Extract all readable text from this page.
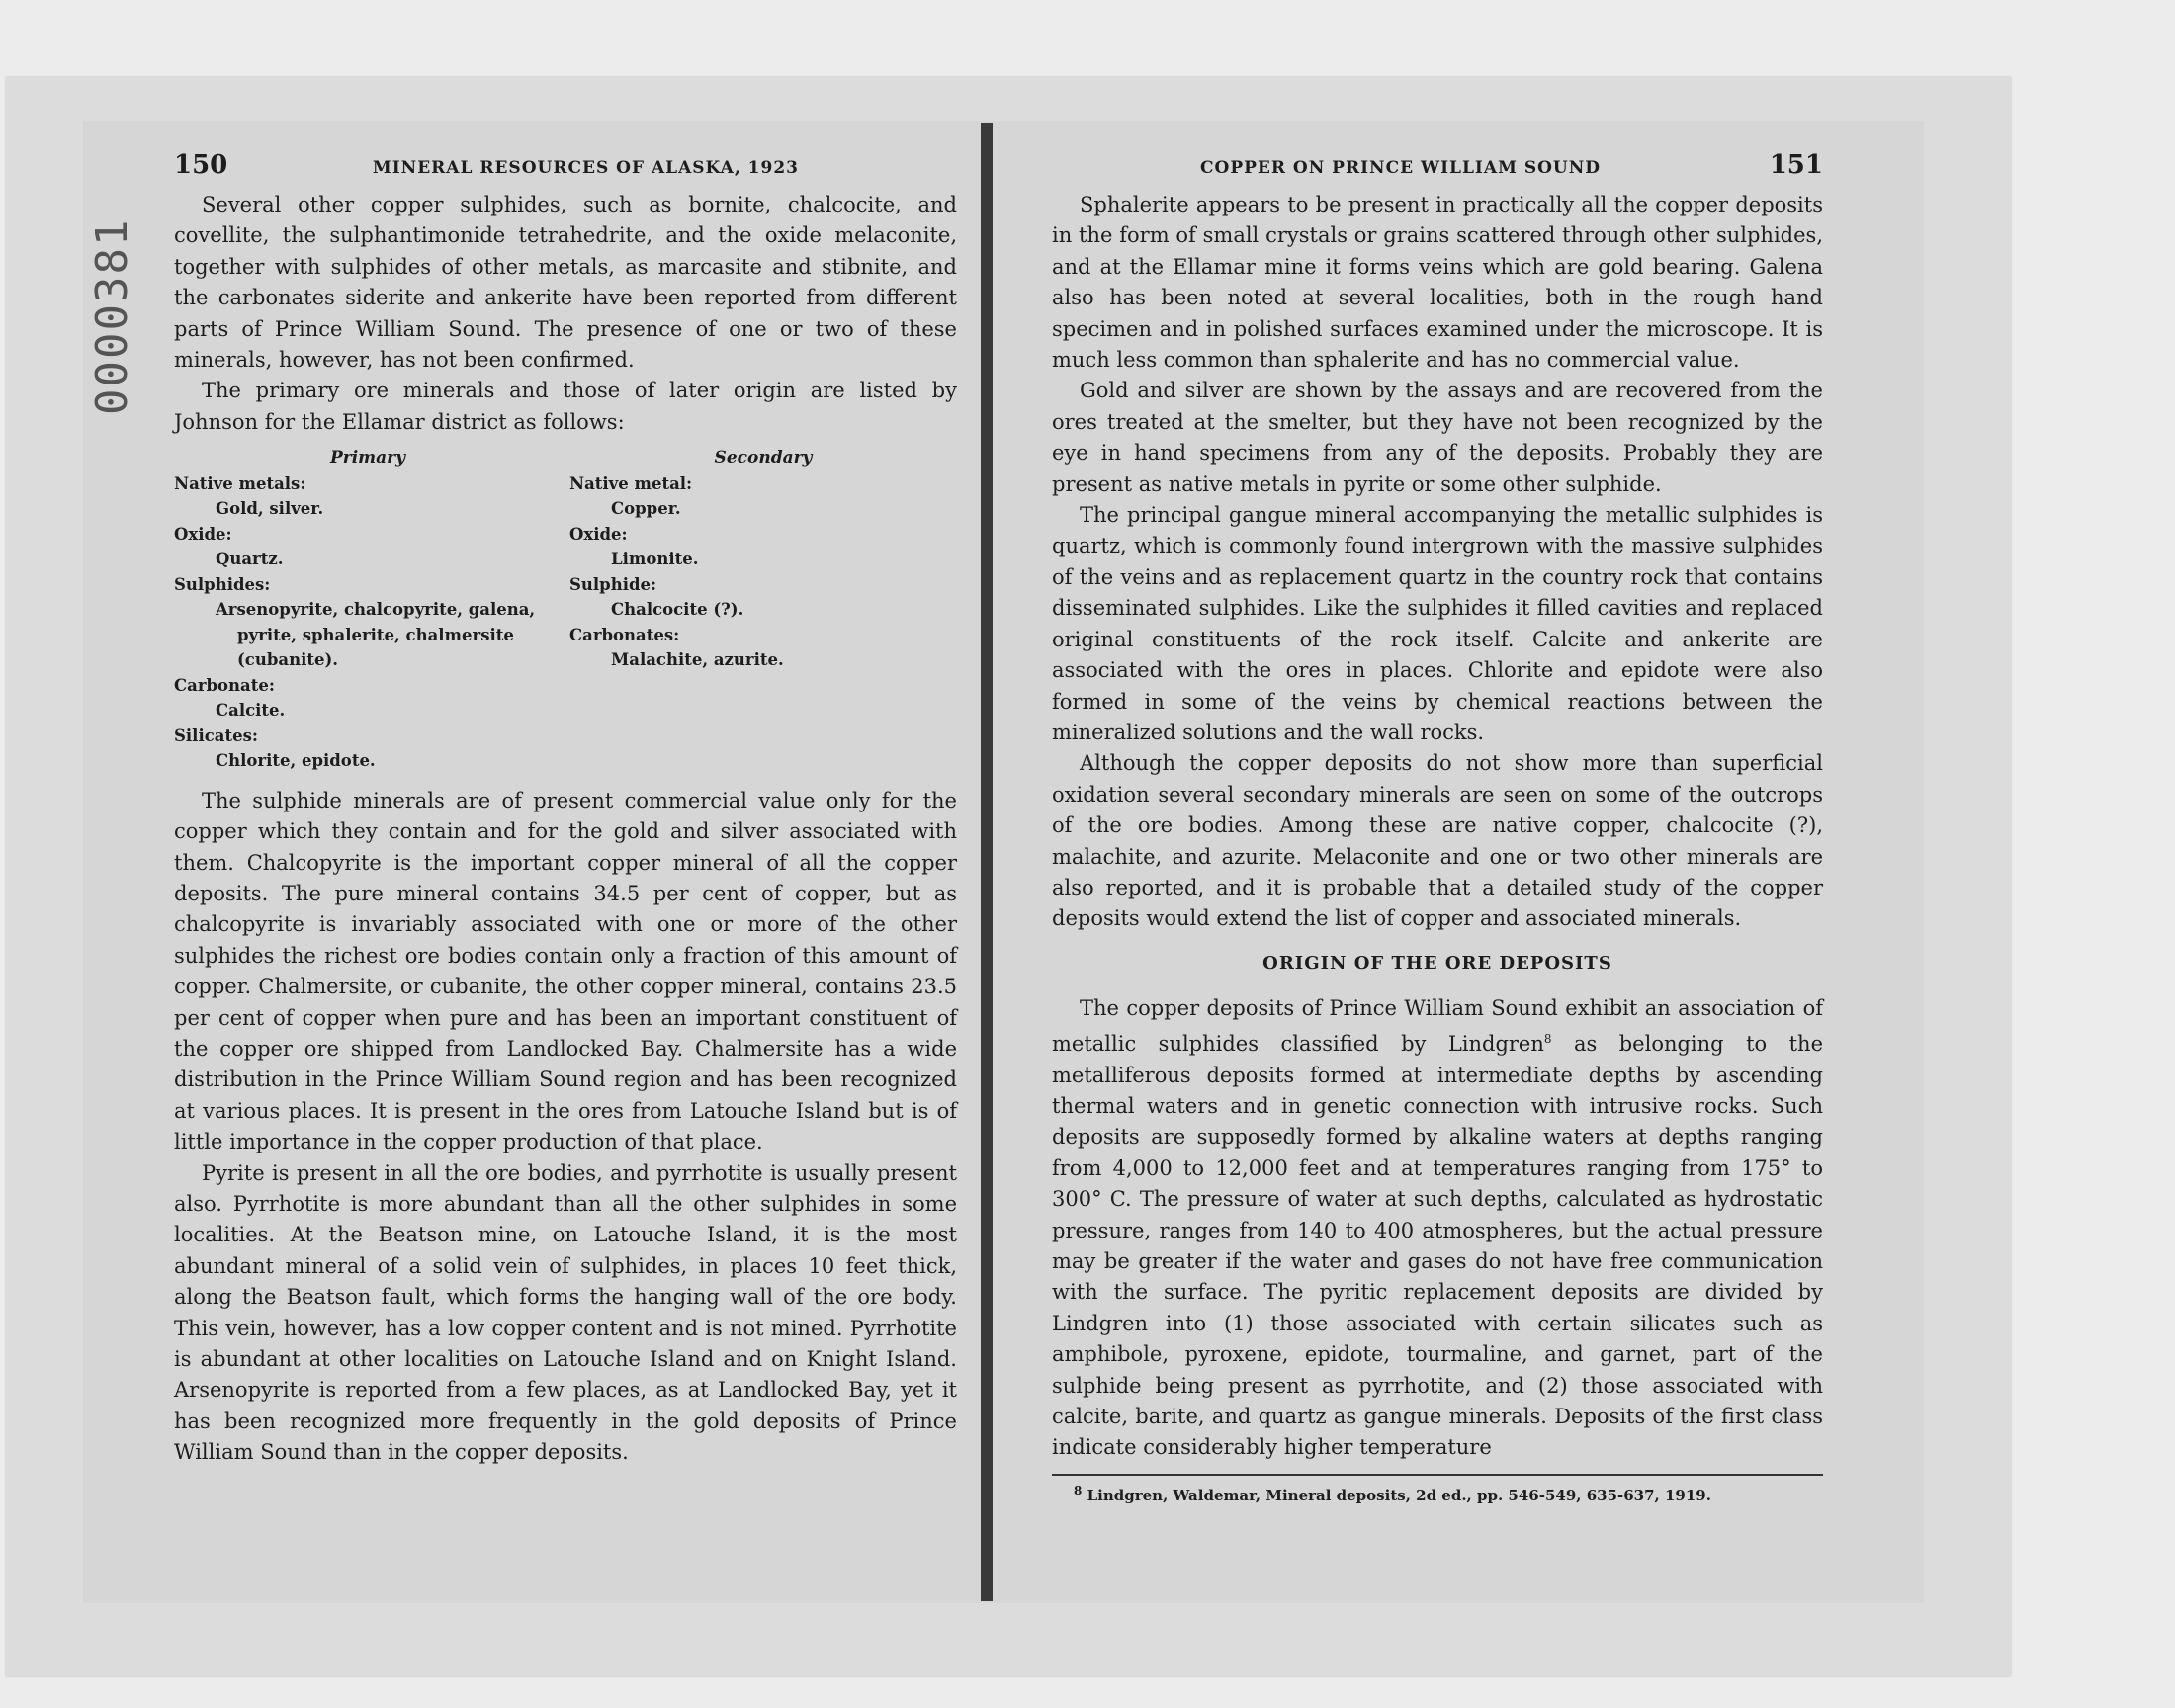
0000381
150	MINERAL RESOURCES OF ALASKA, 1923

Several other copper sulphides, such as bornite, chalcocite, and covellite, the sulphantimonide tetrahedrite, and the oxide melaconite, together with sulphides of other metals, as marcasite and stibnite, and the carbonates siderite and ankerite have been reported from different parts of Prince William Sound. The presence of one or two of these minerals, however, has not been confirmed.

The primary ore minerals and those of later origin are listed by Johnson for the Ellamar district as follows:

Primary
Native metals:
Gold, silver.
Oxide:
Quartz.
Sulphides:
Arsenopyrite, chalcopyrite, galena, pyrite, sphalerite, chalmersite (cubanite).
Carbonate:
Calcite.
Silicates:
Chlorite, epidote.
Secondary
Native metal:
Copper.
Oxide:
Limonite.
Sulphide:
Chalcocite (?).
Carbonates:
Malachite, azurite.

The sulphide minerals are of present commercial value only for the copper which they contain and for the gold and silver associated with them. Chalcopyrite is the important copper mineral of all the copper deposits. The pure mineral contains 34.5 per cent of copper, but as chalcopyrite is invariably associated with one or more of the other sulphides the richest ore bodies contain only a fraction of this amount of copper. Chalmersite, or cubanite, the other copper mineral, contains 23.5 per cent of copper when pure and has been an important constituent of the copper ore shipped from Landlocked Bay. Chalmersite has a wide distribution in the Prince William Sound region and has been recognized at various places. It is present in the ores from Latouche Island but is of little importance in the copper production of that place.

Pyrite is present in all the ore bodies, and pyrrhotite is usually present also. Pyrrhotite is more abundant than all the other sulphides in some localities. At the Beatson mine, on Latouche Island, it is the most abundant mineral of a solid vein of sulphides, in places 10 feet thick, along the Beatson fault, which forms the hanging wall of the ore body. This vein, however, has a low copper content and is not mined. Pyrrhotite is abundant at other localities on Latouche Island and on Knight Island. Arsenopyrite is reported from a few places, as at Landlocked Bay, yet it has been recognized more frequently in the gold deposits of Prince William Sound than in the copper deposits.

COPPER ON PRINCE WILLIAM SOUND	151

Sphalerite appears to be present in practically all the copper deposits in the form of small crystals or grains scattered through other sulphides, and at the Ellamar mine it forms veins which are gold bearing. Galena also has been noted at several localities, both in the rough hand specimen and in polished surfaces examined under the microscope. It is much less common than sphalerite and has no commercial value.

Gold and silver are shown by the assays and are recovered from the ores treated at the smelter, but they have not been recognized by the eye in hand specimens from any of the deposits. Probably they are present as native metals in pyrite or some other sulphide.

The principal gangue mineral accompanying the metallic sulphides is quartz, which is commonly found intergrown with the massive sulphides of the veins and as replacement quartz in the country rock that contains disseminated sulphides. Like the sulphides it filled cavities and replaced original constituents of the rock itself. Calcite and ankerite are associated with the ores in places. Chlorite and epidote were also formed in some of the veins by chemical reactions between the mineralized solutions and the wall rocks.

Although the copper deposits do not show more than superficial oxidation several secondary minerals are seen on some of the outcrops of the ore bodies. Among these are native copper, chalcocite (?), malachite, and azurite. Melaconite and one or two other minerals are also reported, and it is probable that a detailed study of the copper deposits would extend the list of copper and associated minerals.

ORIGIN OF THE ORE DEPOSITS

The copper deposits of Prince William Sound exhibit an association of metallic sulphides classified by Lindgren$^8$ as belonging to the metalliferous deposits formed at intermediate depths by ascending thermal waters and in genetic connection with intrusive rocks. Such deposits are supposedly formed by alkaline waters at depths ranging from 4,000 to 12,000 feet and at temperatures ranging from 175° to 300° C. The pressure of water at such depths, calculated as hydrostatic pressure, ranges from 140 to 400 atmospheres, but the actual pressure may be greater if the water and gases do not have free communication with the surface. The pyritic replacement deposits are divided by Lindgren into (1) those associated with certain silicates such as amphibole, pyroxene, epidote, tourmaline, and garnet, part of the sulphide being present as pyrrhotite, and (2) those associated with calcite, barite, and quartz as gangue minerals. Deposits of the first class indicate considerably higher temperature

$^8$ Lindgren, Waldemar, Mineral deposits, 2d ed., pp. 546-549, 635-637, 1919.
